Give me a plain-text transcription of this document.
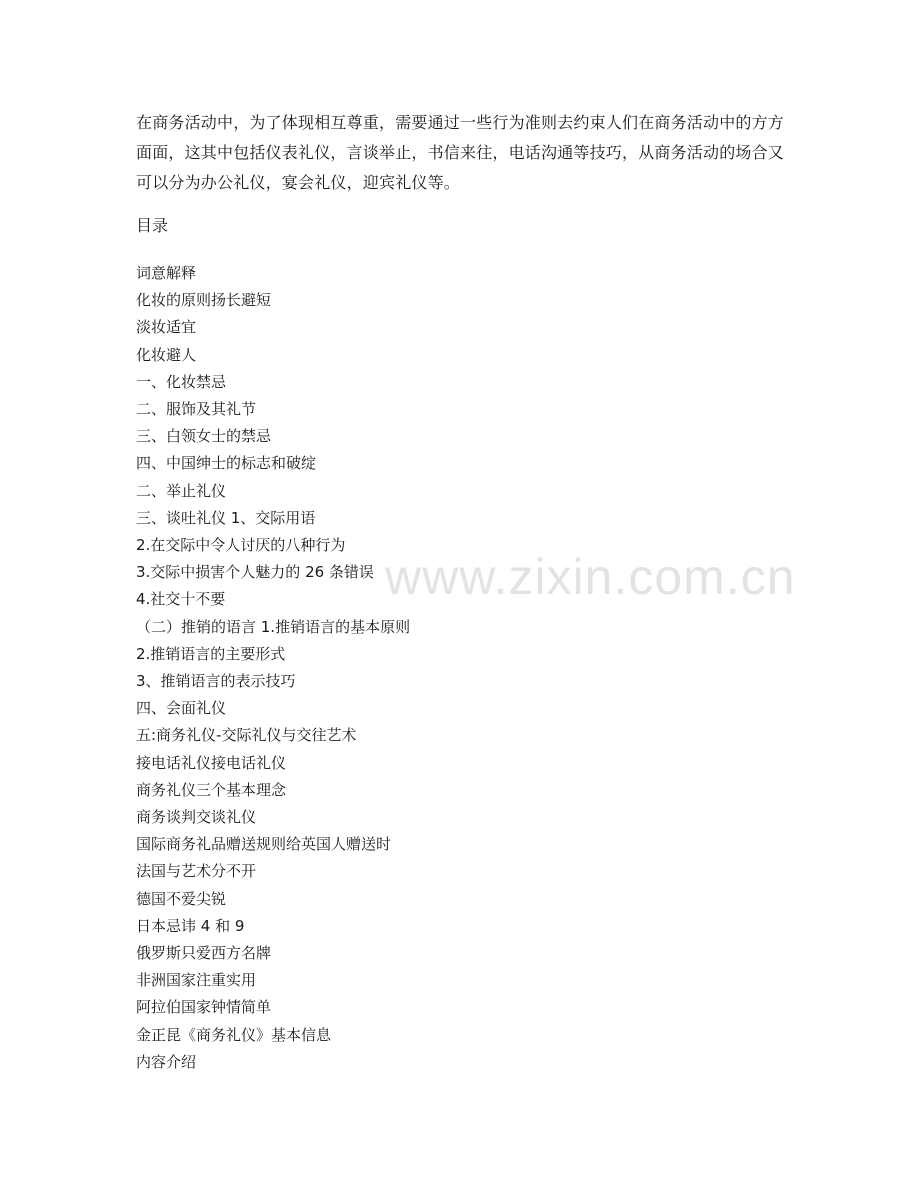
在商务活动中，为了体现相互尊重，需要通过一些行为准则去约束人们在商务活动中的方方面面，这其中包括仪表礼仪，言谈举止，书信来往，电话沟通等技巧，从商务活动的场合又可以分为办公礼仪，宴会礼仪，迎宾礼仪等。

目录
词意解释
化妆的原则扬长避短
淡妆适宜
化妆避人
一、化妆禁忌
二、服饰及其礼节
三、白领女士的禁忌
四、中国绅士的标志和破绽
二、举止礼仪
三、谈吐礼仪 1、交际用语
2.在交际中令人讨厌的八种行为
3.交际中损害个人魅力的 26 条错误
4.社交十不要
（二）推销的语言 1.推销语言的基本原则
2.推销语言的主要形式
3、推销语言的表示技巧
四、会面礼仪
五:商务礼仪-交际礼仪与交往艺术
接电话礼仪接电话礼仪
商务礼仪三个基本理念
商务谈判交谈礼仪
国际商务礼品赠送规则给英国人赠送时
法国与艺术分不开
德国不爱尖锐
日本忌讳 4 和 9
俄罗斯只爱西方名牌
非洲国家注重实用
阿拉伯国家钟情简单
金正昆《商务礼仪》基本信息
内容介绍
www.zixin.com.cn
